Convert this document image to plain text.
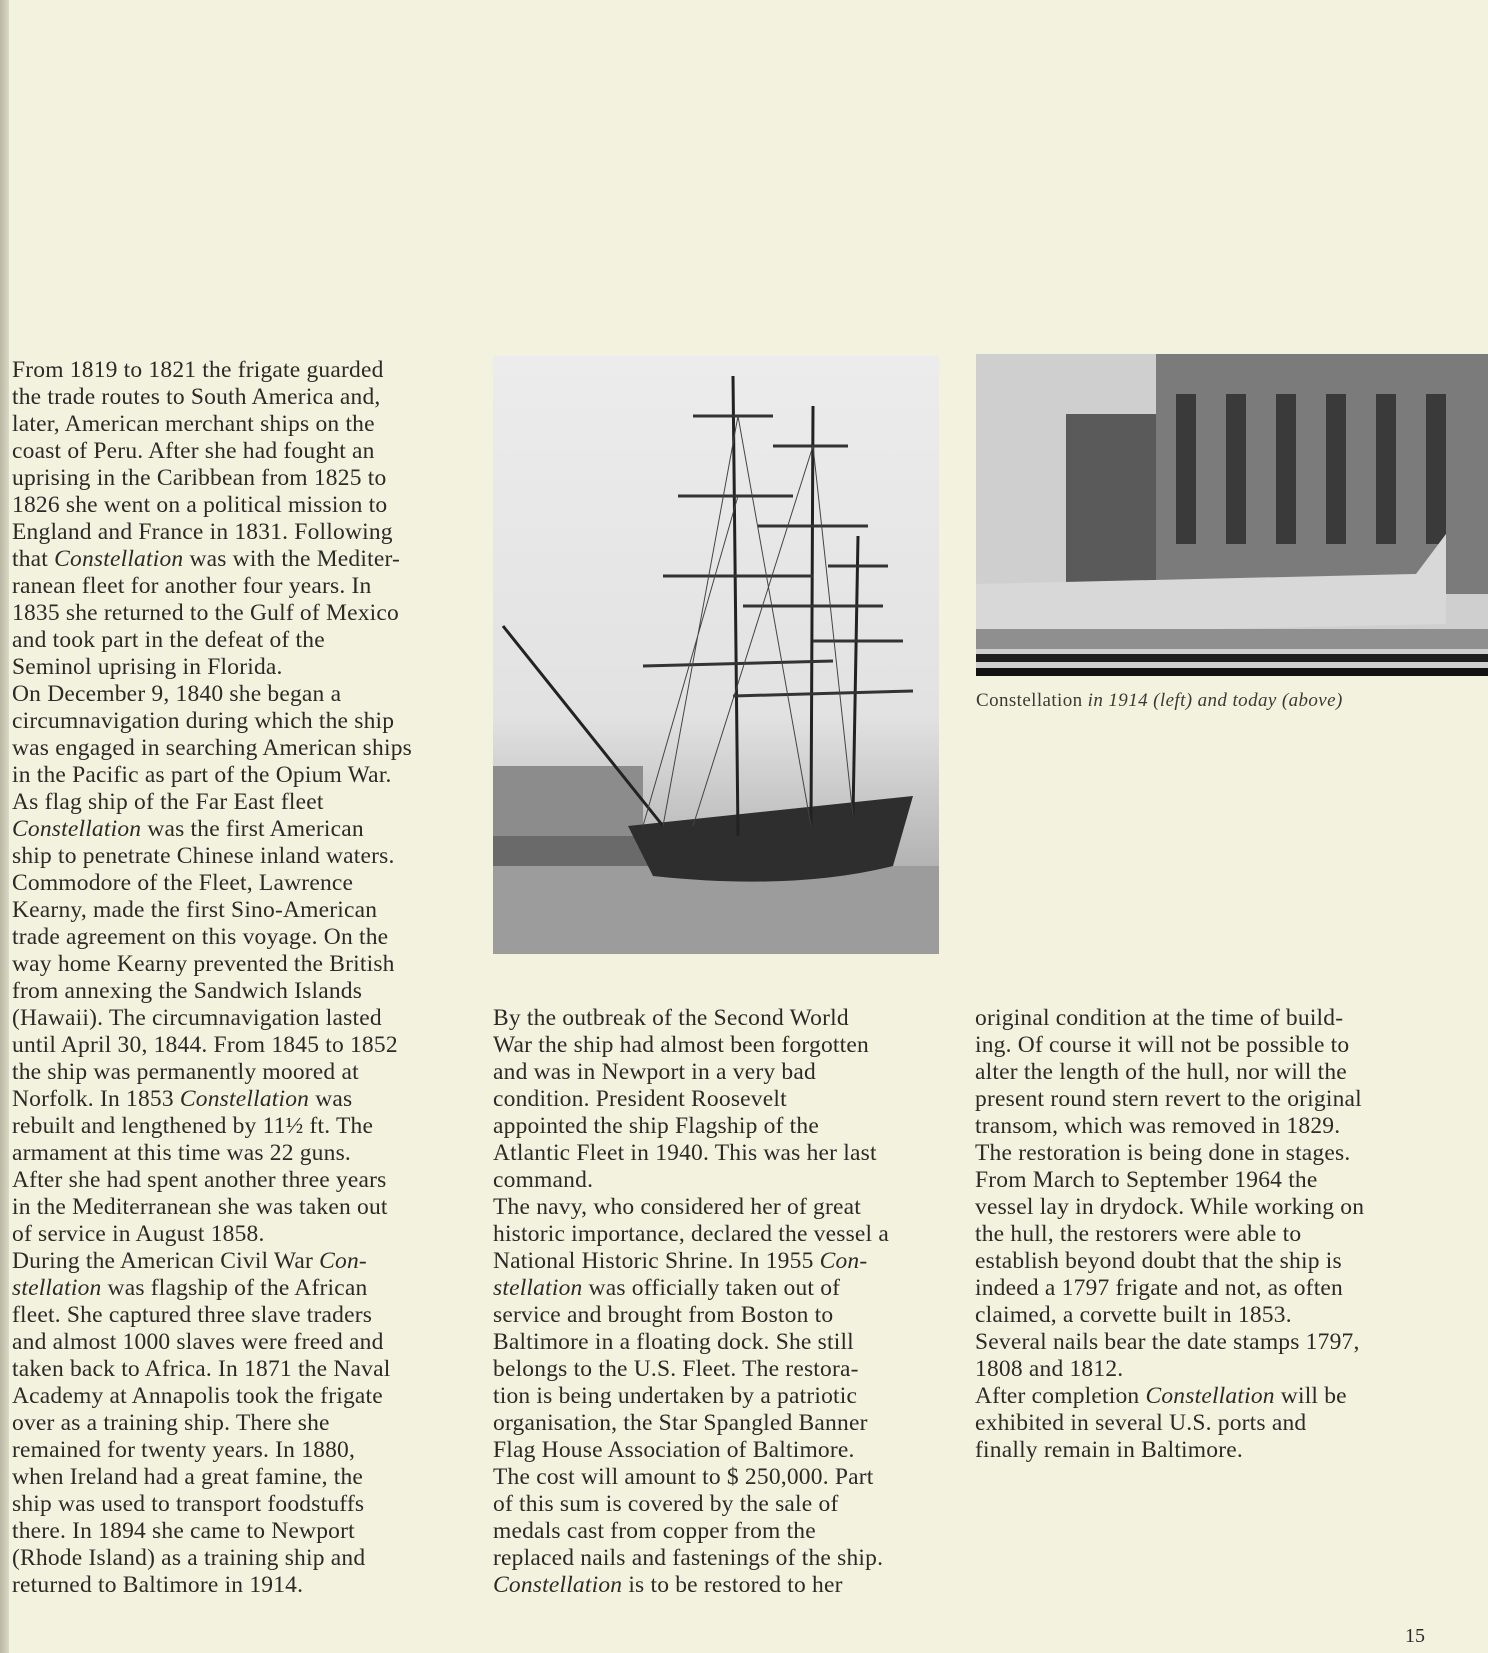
From 1819 to 1821 the frigate guarded
the trade routes to South America and,
later, American merchant ships on the
coast of Peru. After she had fought an
uprising in the Caribbean from 1825 to
1826 she went on a political mission to
England and France in 1831. Following
that Constellation was with the Mediter-
ranean fleet for another four years. In
1835 she returned to the Gulf of Mexico
and took part in the defeat of the
Seminol uprising in Florida.
On December 9, 1840 she began a
circumnavigation during which the ship
was engaged in searching American ships
in the Pacific as part of the Opium War.
As flag ship of the Far East fleet
Constellation was the first American
ship to penetrate Chinese inland waters.
Commodore of the Fleet, Lawrence
Kearny, made the first Sino-American
trade agreement on this voyage. On the
way home Kearny prevented the British
from annexing the Sandwich Islands
(Hawaii). The circumnavigation lasted
until April 30, 1844. From 1845 to 1852
the ship was permanently moored at
Norfolk. In 1853 Constellation was
rebuilt and lengthened by 11½ ft. The
armament at this time was 22 guns.
After she had spent another three years
in the Mediterranean she was taken out
of service in August 1858.
During the American Civil War Con-
stellation was flagship of the African
fleet. She captured three slave traders
and almost 1000 slaves were freed and
taken back to Africa. In 1871 the Naval
Academy at Annapolis took the frigate
over as a training ship. There she
remained for twenty years. In 1880,
when Ireland had a great famine, the
ship was used to transport foodstuffs
there. In 1894 she came to Newport
(Rhode Island) as a training ship and
returned to Baltimore in 1914.
Constellation in 1914 (left) and today (above)
By the outbreak of the Second World
War the ship had almost been forgotten
and was in Newport in a very bad
condition. President Roosevelt
appointed the ship Flagship of the
Atlantic Fleet in 1940. This was her last
command.
The navy, who considered her of great
historic importance, declared the vessel a
National Historic Shrine. In 1955 Con-
stellation was officially taken out of
service and brought from Boston to
Baltimore in a floating dock. She still
belongs to the U.S. Fleet. The restora-
tion is being undertaken by a patriotic
organisation, the Star Spangled Banner
Flag House Association of Baltimore.
The cost will amount to $ 250,000. Part
of this sum is covered by the sale of
medals cast from copper from the
replaced nails and fastenings of the ship.
Constellation is to be restored to her
original condition at the time of build-
ing. Of course it will not be possible to
alter the length of the hull, nor will the
present round stern revert to the original
transom, which was removed in 1829.
The restoration is being done in stages.
From March to September 1964 the
vessel lay in drydock. While working on
the hull, the restorers were able to
establish beyond doubt that the ship is
indeed a 1797 frigate and not, as often
claimed, a corvette built in 1853.
Several nails bear the date stamps 1797,
1808 and 1812.
After completion Constellation will be
exhibited in several U.S. ports and
finally remain in Baltimore.
15
